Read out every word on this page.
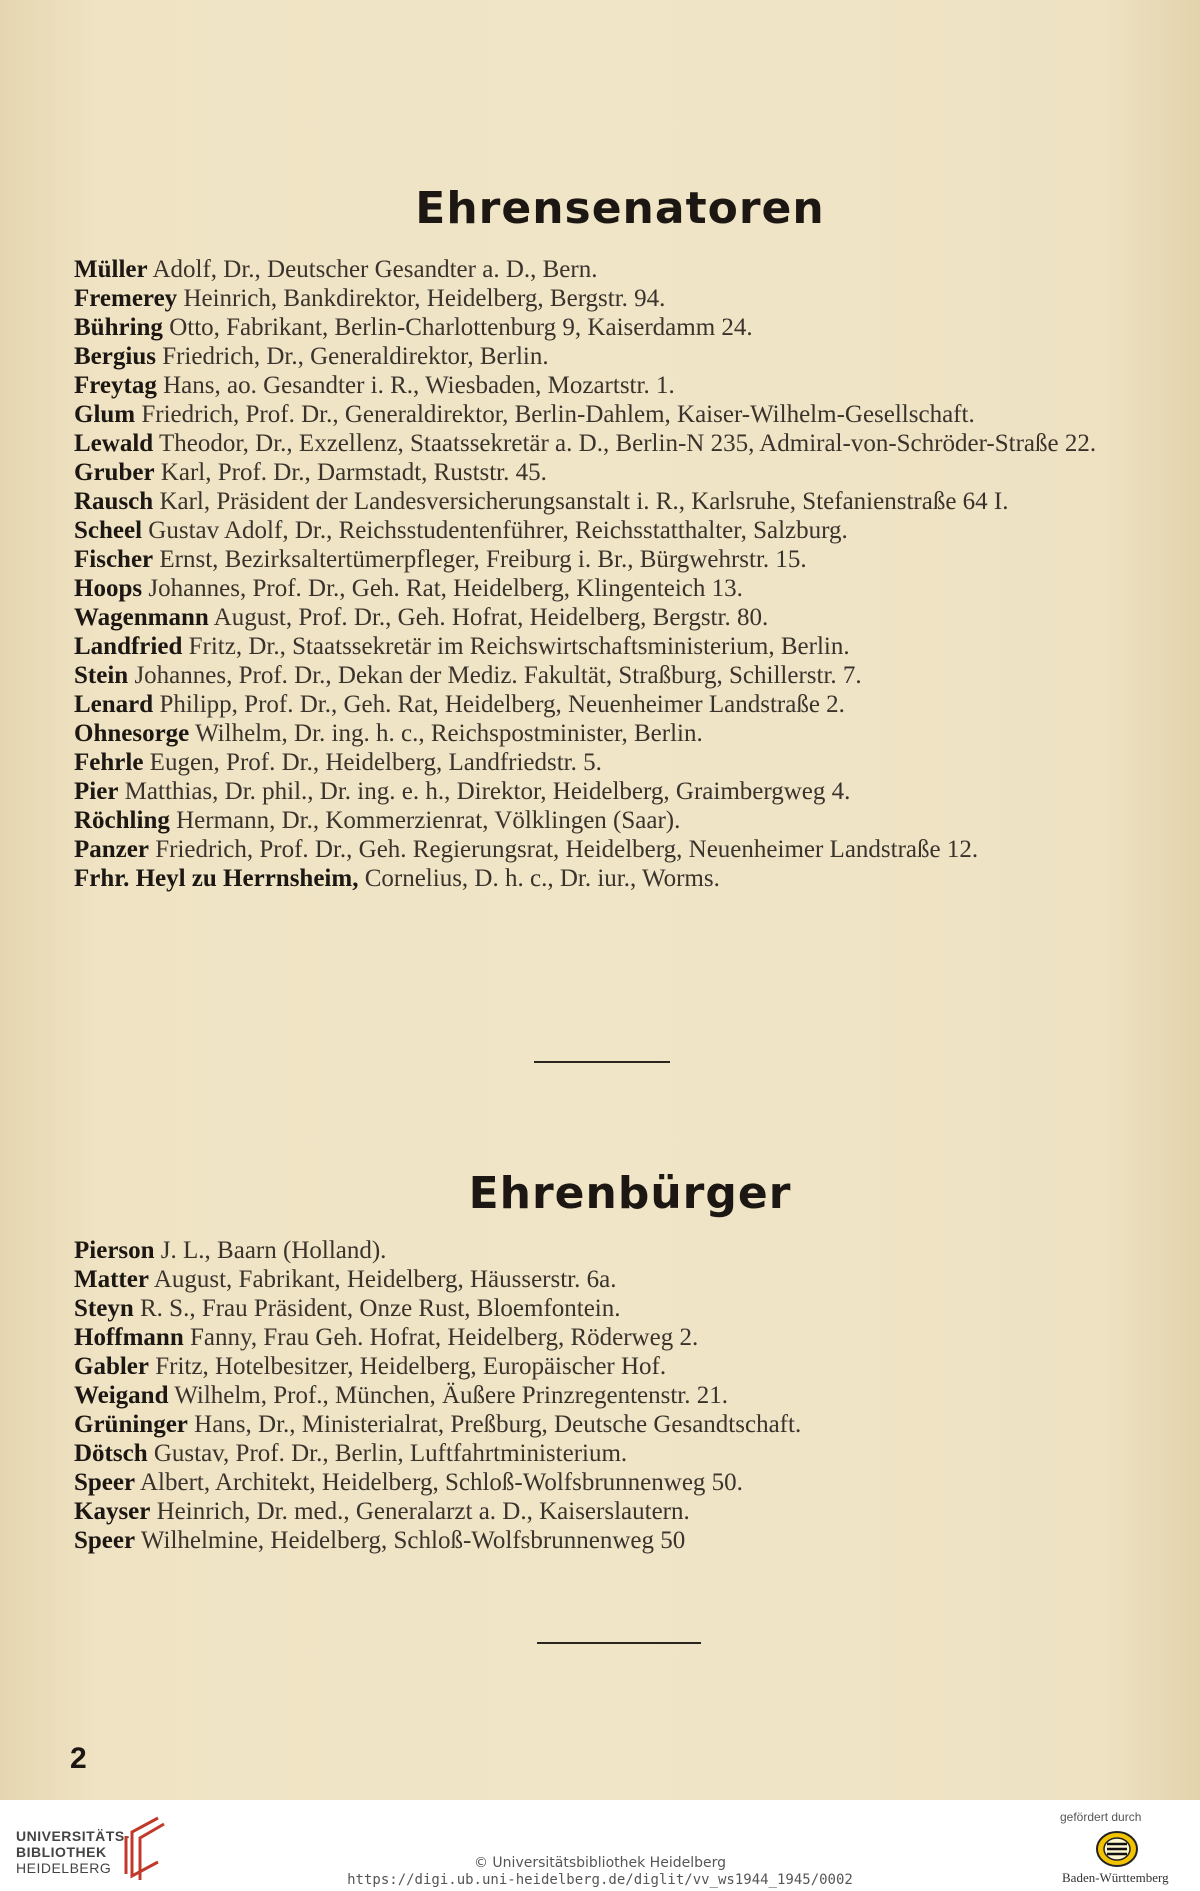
Ehrensenatoren

Müller Adolf, Dr., Deutscher Gesandter a. D., Bern.

Fremerey Heinrich, Bankdirektor, Heidelberg, Bergstr. 94.

Bühring Otto, Fabrikant, Berlin-Charlottenburg 9, Kaiserdamm 24.

Bergius Friedrich, Dr., Generaldirektor, Berlin.

Freytag Hans, ao. Gesandter i. R., Wiesbaden, Mozartstr. 1.

Glum Friedrich, Prof. Dr., Generaldirektor, Berlin-Dahlem, Kaiser-Wilhelm-Gesellschaft.

Lewald Theodor, Dr., Exzellenz, Staatssekretär a. D., Berlin-N 235, Admiral-von-Schröder-Straße 22.

Gruber Karl, Prof. Dr., Darmstadt, Ruststr. 45.

Rausch Karl, Präsident der Landesversicherungsanstalt i. R., Karlsruhe, Stefanienstraße 64 I.

Scheel Gustav Adolf, Dr., Reichsstudentenführer, Reichsstatthalter, Salzburg.

Fischer Ernst, Bezirksaltertümerpfleger, Freiburg i. Br., Bürgwehrstr. 15.

Hoops Johannes, Prof. Dr., Geh. Rat, Heidelberg, Klingenteich 13.

Wagenmann August, Prof. Dr., Geh. Hofrat, Heidelberg, Bergstr. 80.

Landfried Fritz, Dr., Staatssekretär im Reichswirtschaftsministerium, Berlin.

Stein Johannes, Prof. Dr., Dekan der Mediz. Fakultät, Straßburg, Schillerstr. 7.

Lenard Philipp, Prof. Dr., Geh. Rat, Heidelberg, Neuenheimer Landstraße 2.

Ohnesorge Wilhelm, Dr. ing. h. c., Reichspostminister, Berlin.

Fehrle Eugen, Prof. Dr., Heidelberg, Landfriedstr. 5.

Pier Matthias, Dr. phil., Dr. ing. e. h., Direktor, Heidelberg, Graimbergweg 4.

Röchling Hermann, Dr., Kommerzienrat, Völklingen (Saar).

Panzer Friedrich, Prof. Dr., Geh. Regierungsrat, Heidelberg, Neuenheimer Landstraße 12.

Frhr. Heyl zu Herrnsheim, Cornelius, D. h. c., Dr. iur., Worms.

Ehrenbürger

Pierson J. L., Baarn (Holland).

Matter August, Fabrikant, Heidelberg, Häusserstr. 6a.

Steyn R. S., Frau Präsident, Onze Rust, Bloemfontein.

Hoffmann Fanny, Frau Geh. Hofrat, Heidelberg, Röderweg 2.

Gabler Fritz, Hotelbesitzer, Heidelberg, Europäischer Hof.

Weigand Wilhelm, Prof., München, Äußere Prinzregentenstr. 21.

Grüninger Hans, Dr., Ministerialrat, Preßburg, Deutsche Gesandtschaft.

Dötsch Gustav, Prof. Dr., Berlin, Luftfahrtministerium.

Speer Albert, Architekt, Heidelberg, Schloß-Wolfsbrunnenweg 50.

Kayser Heinrich, Dr. med., Generalarzt a. D., Kaiserslautern.

Speer Wilhelmine, Heidelberg, Schloß-Wolfsbrunnenweg 50

2
UNIVERSITÄTS-
BIBLIOTHEK
HEIDELBERG	© Universitätsbibliothek Heidelberg
https://digi.ub.uni-heidelberg.de/diglit/vv_ws1944_1945/0002
gefördert durch
Baden-Württemberg
